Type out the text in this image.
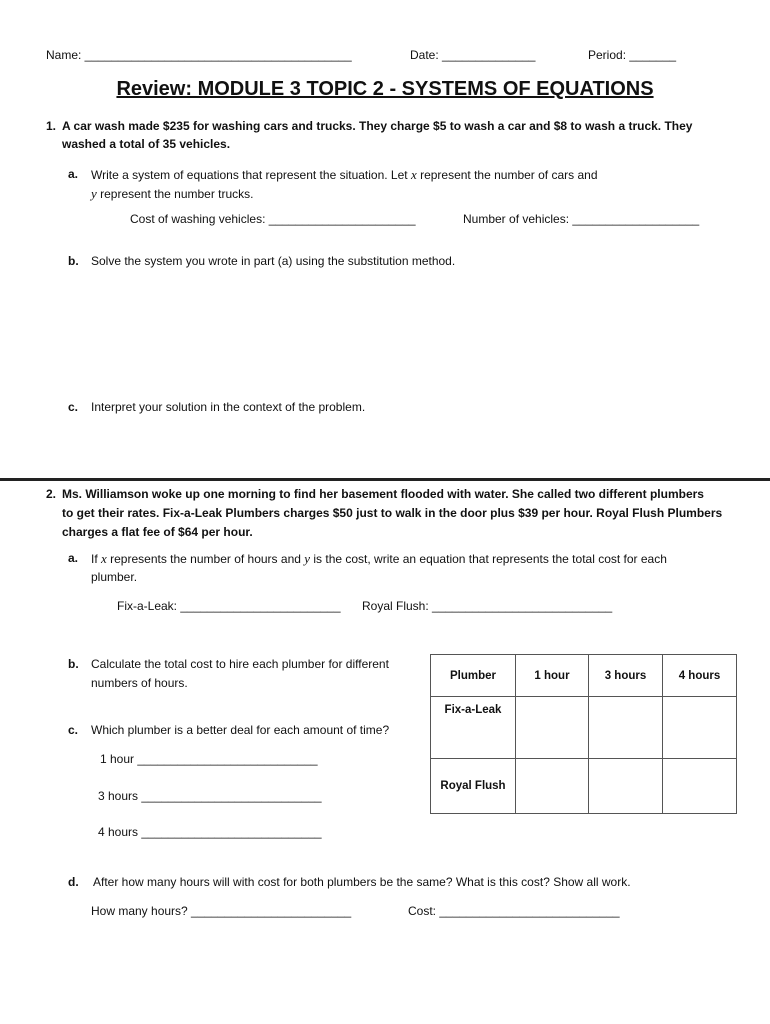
Name: ________________________________________	Date: ______________	Period: _______
Review: MODULE 3 TOPIC 2 - SYSTEMS OF EQUATIONS
1. A car wash made $235 for washing cars and trucks. They charge $5 to wash a car and $8 to wash a truck. They
washed a total of 35 vehicles.
a. Write a system of equations that represent the situation. Let x represent the number of cars and
y represent the number trucks.
Cost of washing vehicles: ______________________	Number of vehicles: ___________________
b. Solve the system you wrote in part (a) using the substitution method.
c. Interpret your solution in the context of the problem.
2. Ms. Williamson woke up one morning to find her basement flooded with water. She called two different plumbers
to get their rates. Fix-a-Leak Plumbers charges $50 just to walk in the door plus $39 per hour. Royal Flush Plumbers
charges a flat fee of $64 per hour.
a. If x represents the number of hours and y is the cost, write an equation that represents the total cost for each
plumber.
Fix-a-Leak: ________________________ Royal Flush: ___________________________
b. Calculate the total cost to hire each plumber for different
numbers of hours.
Plumber	1 hour	3 hours	4 hours
Fix-a-Leak			
Royal Flush			
c. Which plumber is a better deal for each amount of time?
1 hour ___________________________
3 hours ___________________________
4 hours ___________________________
d. After how many hours will with cost for both plumbers be the same? What is this cost? Show all work.
How many hours? ________________________	Cost: ___________________________
